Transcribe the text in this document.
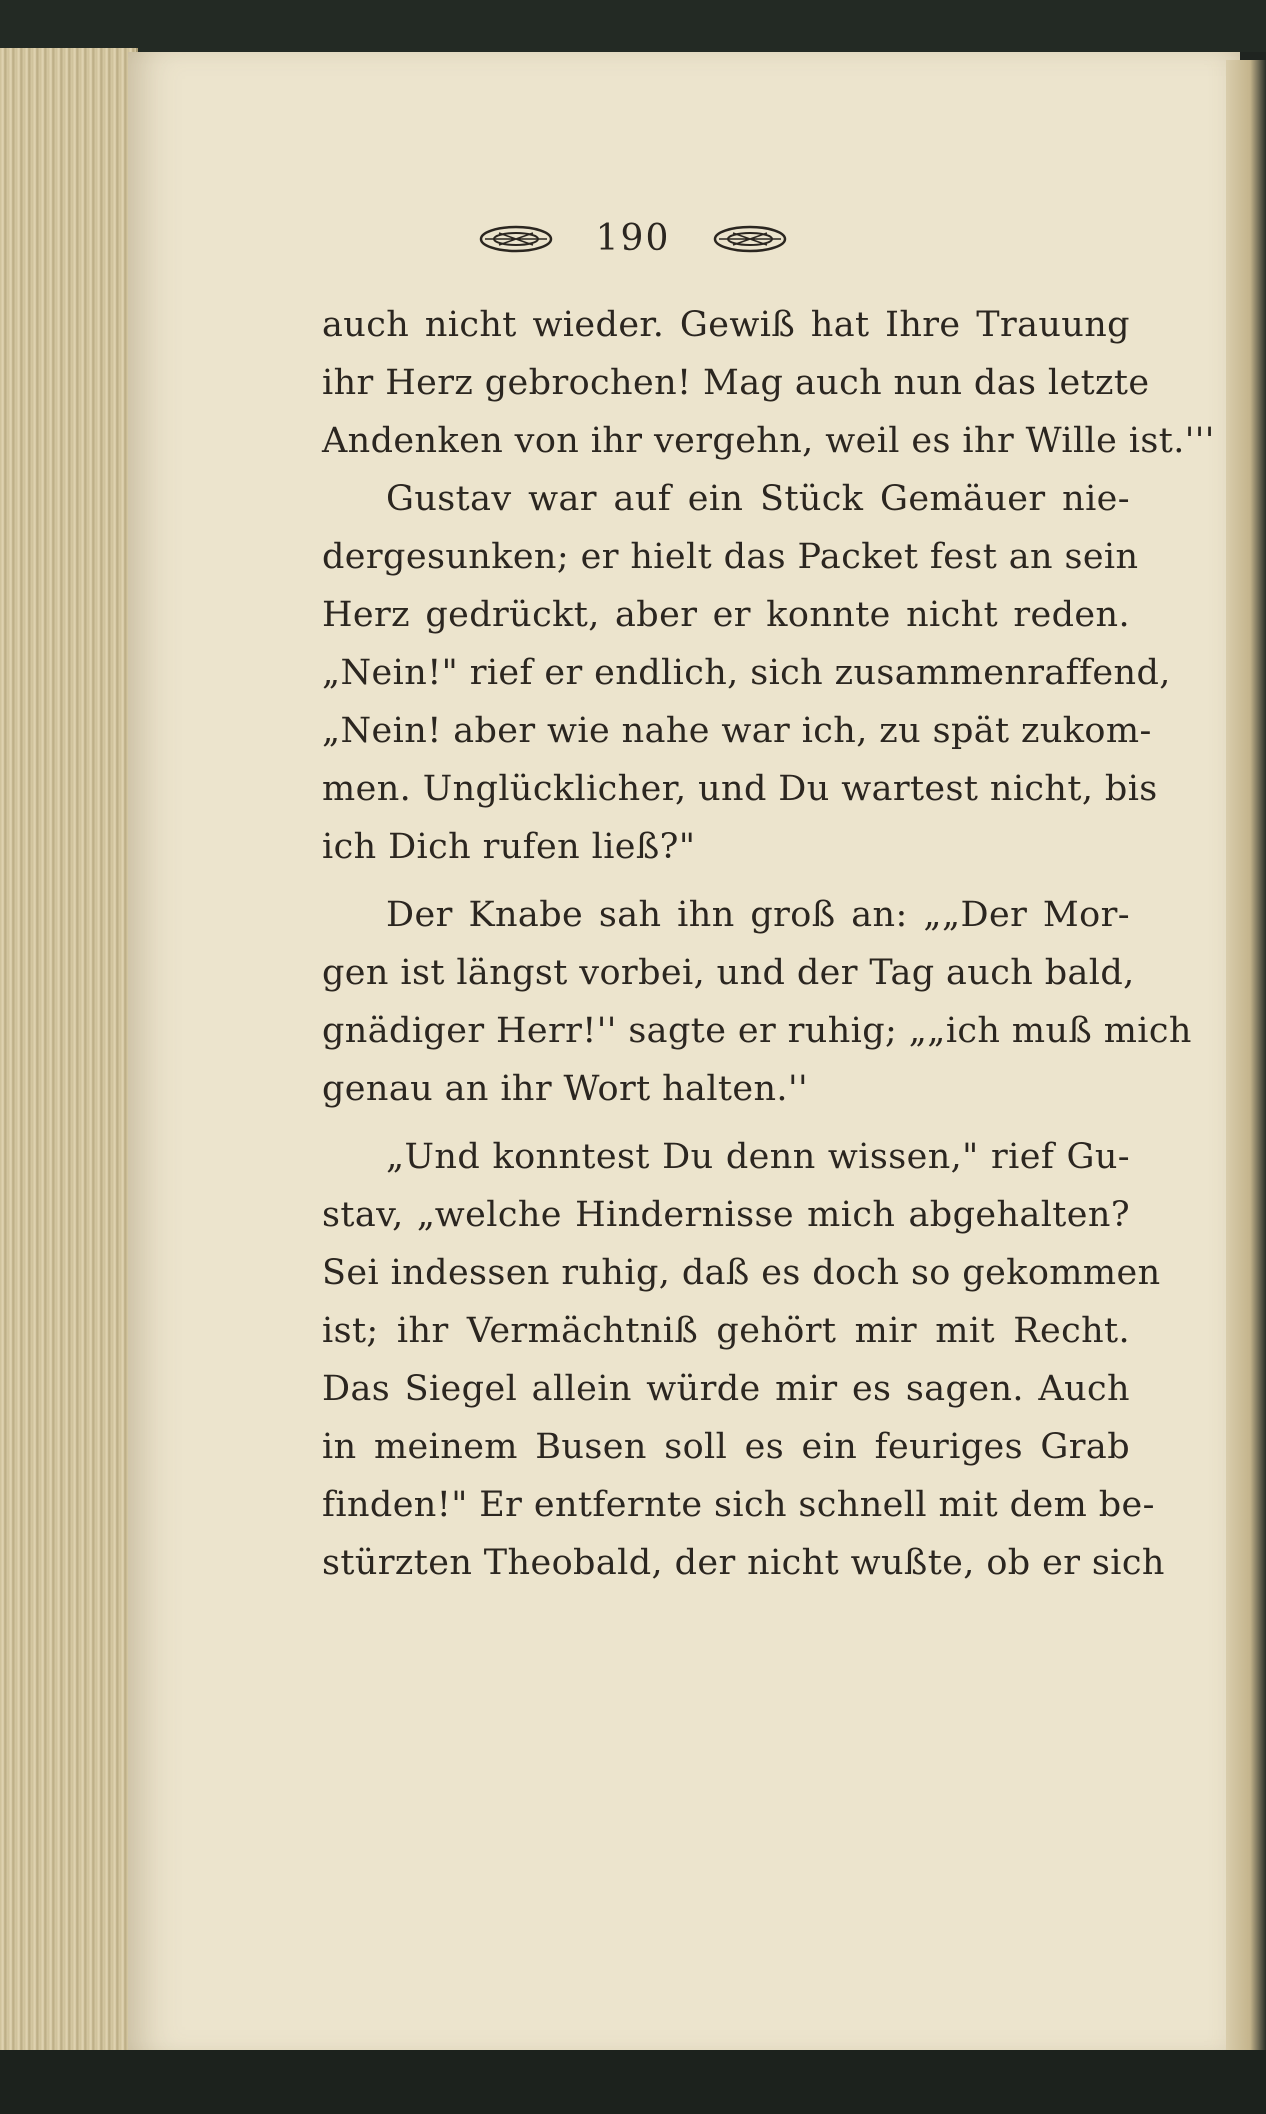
190
auch nicht wieder. Gewiß hat Ihre Trauung
ihr Herz gebrochen! Mag auch nun das letzte
Andenken von ihr vergehn, weil es ihr Wille ist.'''
Gustav war auf ein Stück Gemäuer nie-
dergesunken; er hielt das Packet fest an sein
Herz gedrückt, aber er konnte nicht reden.
„Nein!" rief er endlich, sich zusammenraffend,
„Nein! aber wie nahe war ich, zu spät zukom-
men. Unglücklicher, und Du wartest nicht, bis
ich Dich rufen ließ?"
Der Knabe sah ihn groß an: „„Der Mor-
gen ist längst vorbei, und der Tag auch bald,
gnädiger Herr!'' sagte er ruhig; „„ich muß mich
genau an ihr Wort halten.''
„Und konntest Du denn wissen," rief Gu-
stav, „welche Hindernisse mich abgehalten?
Sei indessen ruhig, daß es doch so gekommen
ist; ihr Vermächtniß gehört mir mit Recht.
Das Siegel allein würde mir es sagen. Auch
in meinem Busen soll es ein feuriges Grab
finden!" Er entfernte sich schnell mit dem be-
stürzten Theobald, der nicht wußte, ob er sich
